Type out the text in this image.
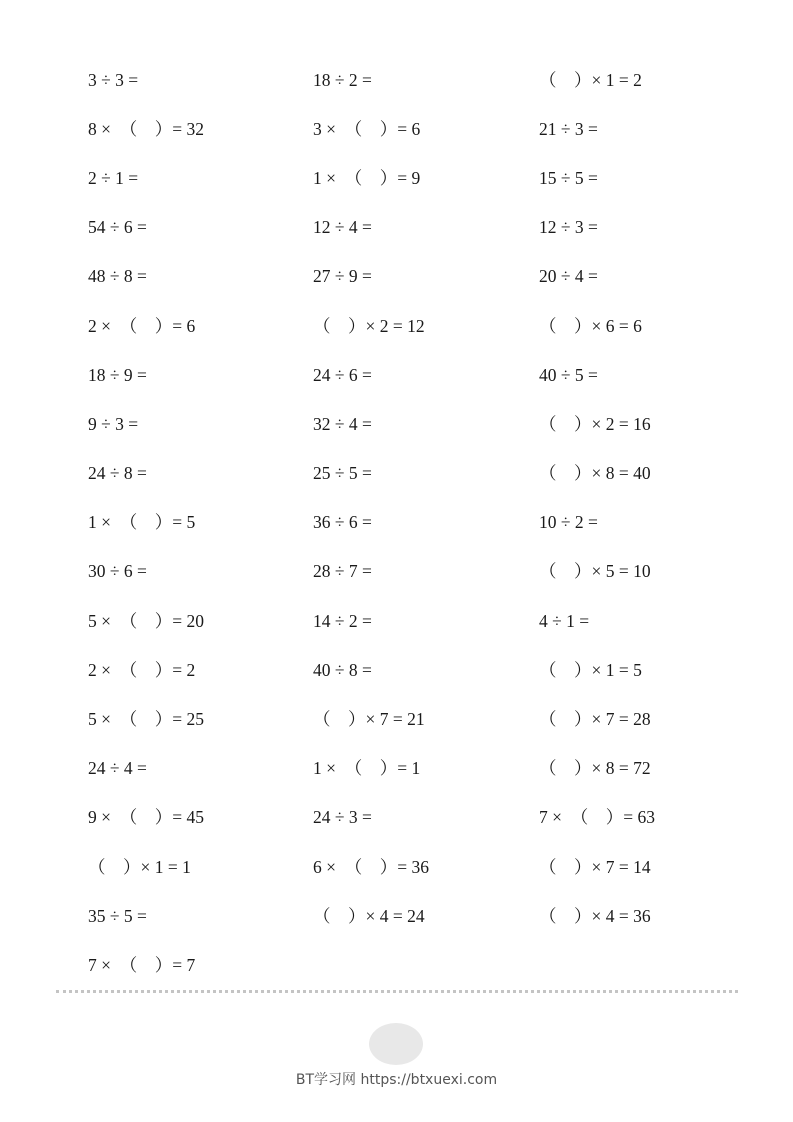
3 ÷ 3 =	18 ÷ 2 =	（　）× 1 = 2
8 ×  （　）= 32	3 ×  （　）= 6	21 ÷ 3 =
2 ÷ 1 =	1 ×  （　）= 9	15 ÷ 5 =
54 ÷ 6 =	12 ÷ 4 =	12 ÷ 3 =
48 ÷ 8 =	27 ÷ 9 =	20 ÷ 4 =
2 ×  （　）= 6	（　）× 2 = 12	（　）× 6 = 6
18 ÷ 9 =	24 ÷ 6 =	40 ÷ 5 =
9 ÷ 3 =	32 ÷ 4 =	（　）× 2 = 16
24 ÷ 8 =	25 ÷ 5 =	（　）× 8 = 40
1 ×  （　）= 5	36 ÷ 6 =	10 ÷ 2 =
30 ÷ 6 =	28 ÷ 7 =	（　）× 5 = 10
5 ×  （　）= 20	14 ÷ 2 =	4 ÷ 1 =
2 ×  （　）= 2	40 ÷ 8 =	（　）× 1 = 5
5 ×  （　）= 25	（　）× 7 = 21	（　）× 7 = 28
24 ÷ 4 =	1 ×  （　）= 1	（　）× 8 = 72
9 ×  （　）= 45	24 ÷ 3 =	7 ×  （　）= 63
（　）× 1 = 1	6 ×  （　）= 36	（　）× 7 = 14
35 ÷ 5 =	（　）× 4 = 24	（　）× 4 = 36
7 ×  （　）= 7
BT学习网 https://btxuexi.com
